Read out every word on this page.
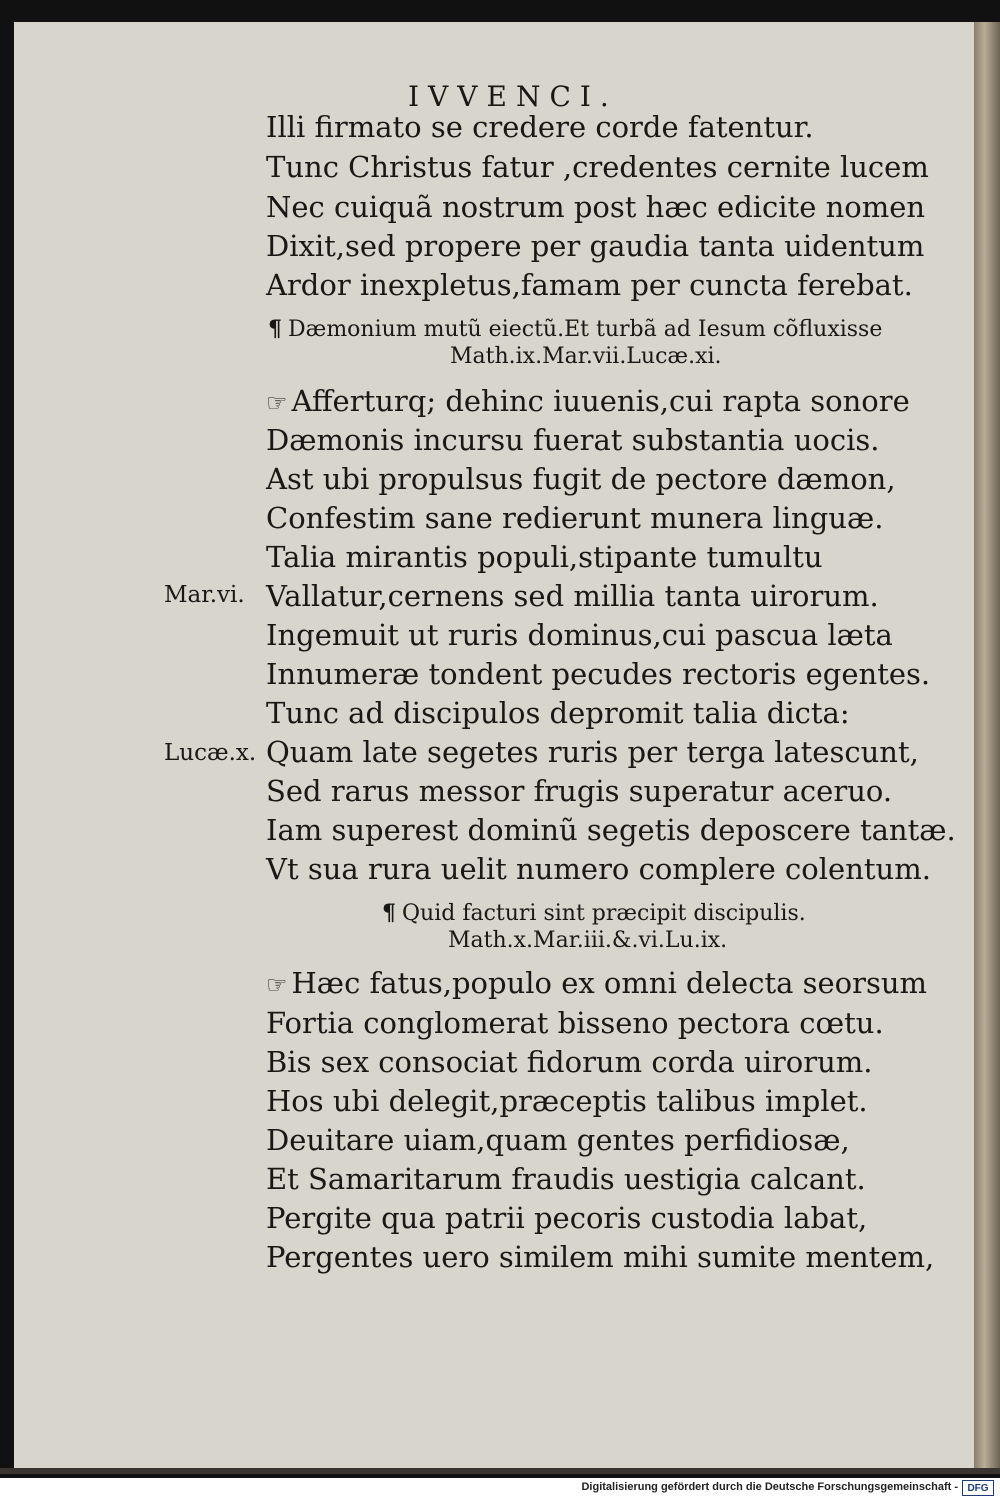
IVVENCI.
Illi firmato se credere corde fatentur.
Tunc Christus fatur ,credentes cernite lucem
Nec cuiquã nostrum post hæc edicite nomen
Dixit,sed propere per gaudia tanta uidentum
Ardor inexpletus,famam per cuncta ferebat.
¶ Dæmonium mutũ eiectũ.Et turbã ad Iesum cõfluxisse
Math.ix.Mar.vii.Lucæ.xi.
☞ Afferturq; dehinc iuuenis,cui rapta sonore
Dæmonis incursu fuerat substantia uocis.
Ast ubi propulsus fugit de pectore dæmon,
Confestim sane redierunt munera linguæ.
Talia mirantis populi,stipante tumultu
Vallatur,cernens sed millia tanta uirorum.
Ingemuit ut ruris dominus,cui pascua læta
Innumeræ tondent pecudes rectoris egentes.
Tunc ad discipulos depromit talia dicta:
Quam late segetes ruris per terga latescunt,
Sed rarus messor frugis superatur aceruo.
Iam superest dominũ segetis deposcere tantæ.
Vt sua rura uelit numero complere colentum.
Mar.vi.
Lucæ.x.
¶ Quid facturi sint præcipit discipulis.
Math.x.Mar.iii.&.vi.Lu.ix.
☞ Hæc fatus,populo ex omni delecta seorsum
Fortia conglomerat bisseno pectora cœtu.
Bis sex consociat fidorum corda uirorum.
Hos ubi delegit,præceptis talibus implet.
Deuitare uiam,quam gentes perfidiosæ,
Et Samaritarum fraudis uestigia calcant.
Pergite qua patrii pecoris custodia labat,
Pergentes uero similem mihi sumite mentem,
Digitalisierung gefördert durch die Deutsche Forschungsgemeinschaft - DFG
